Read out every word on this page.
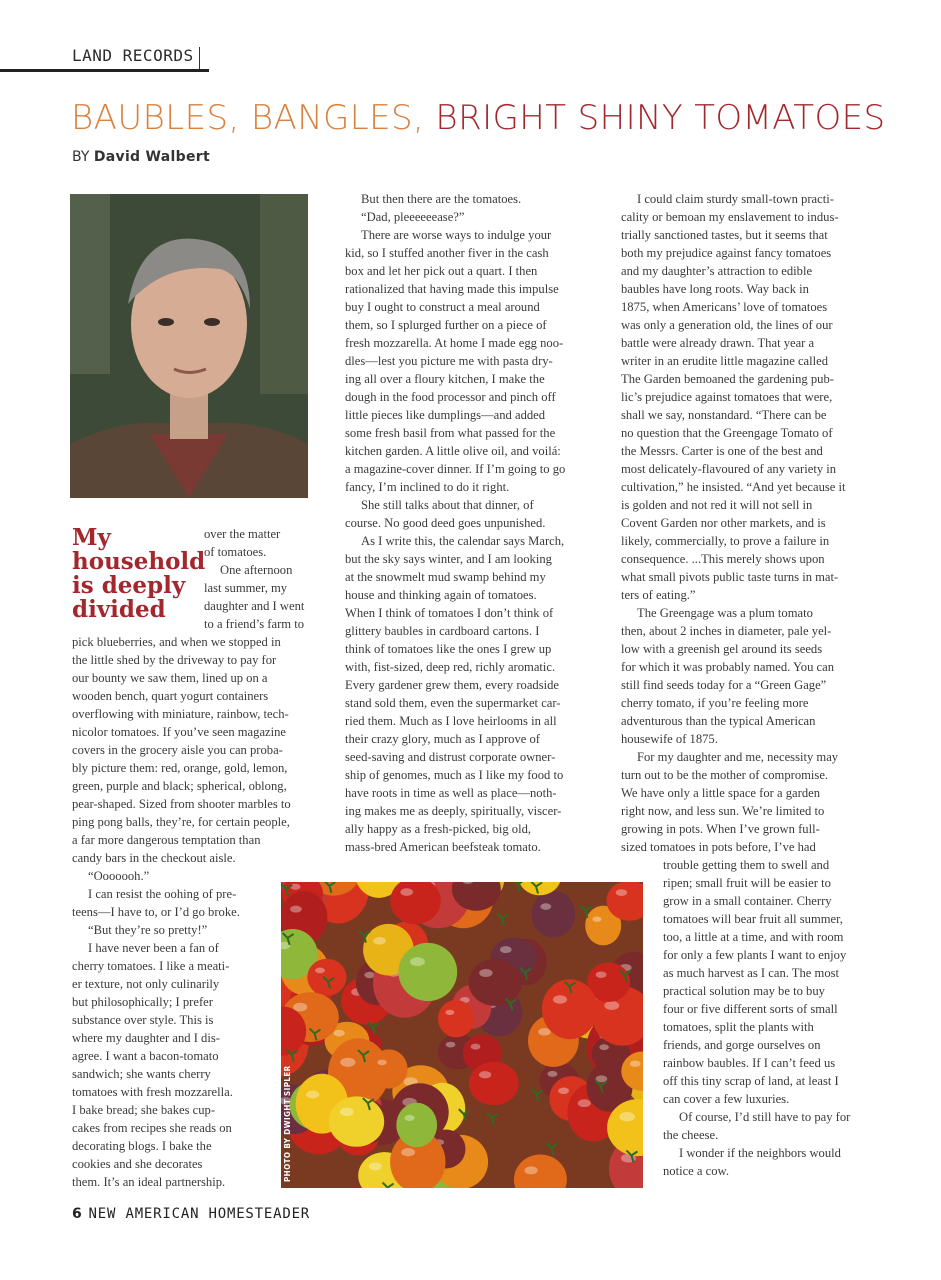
LAND RECORDS
BAUBLES, BANGLES, BRIGHT SHINY TOMATOES
BY David Walbert
My
household
is deeply
divided
over the matter
of tomatoes.
One afternoon
last summer, my
daughter and I went
to a friend’s farm to
pick blueberries, and when we stopped in
the little shed by the driveway to pay for
our bounty we saw them, lined up on a
wooden bench, quart yogurt containers
overflowing with miniature, rainbow, tech-
nicolor tomatoes. If you’ve seen magazine
covers in the grocery aisle you can proba-
bly picture them: red, orange, gold, lemon,
green, purple and black; spherical, oblong,
pear-shaped. Sized from shooter marbles to
ping pong balls, they’re, for certain people,
a far more dangerous temptation than
candy bars in the checkout aisle.
“Ooooooh.”
I can resist the oohing of pre-
teens—I have to, or I’d go broke.
“But they’re so pretty!”
I have never been a fan of
cherry tomatoes. I like a meati-
er texture, not only culinarily
but philosophically; I prefer
substance over style. This is
where my daughter and I dis-
agree. I want a bacon-tomato
sandwich; she wants cherry
tomatoes with fresh mozzarella.
I bake bread; she bakes cup-
cakes from recipes she reads on
decorating blogs. I bake the
cookies and she decorates
them. It’s an ideal partnership.
But then there are the tomatoes.
“Dad, pleeeeeease?”
There are worse ways to indulge your
kid, so I stuffed another fiver in the cash
box and let her pick out a quart. I then
rationalized that having made this impulse
buy I ought to construct a meal around
them, so I splurged further on a piece of
fresh mozzarella. At home I made egg noo-
dles—lest you picture me with pasta dry-
ing all over a floury kitchen, I make the
dough in the food processor and pinch off
little pieces like dumplings—and added
some fresh basil from what passed for the
kitchen garden. A little olive oil, and voilá:
a magazine-cover dinner. If I’m going to go
fancy, I’m inclined to do it right.
She still talks about that dinner, of
course. No good deed goes unpunished.
As I write this, the calendar says March,
but the sky says winter, and I am looking
at the snowmelt mud swamp behind my
house and thinking again of tomatoes.
When I think of tomatoes I don’t think of
glittery baubles in cardboard cartons. I
think of tomatoes like the ones I grew up
with, fist-sized, deep red, richly aromatic.
Every gardener grew them, every roadside
stand sold them, even the supermarket car-
ried them. Much as I love heirlooms in all
their crazy glory, much as I approve of
seed-saving and distrust corporate owner-
ship of genomes, much as I like my food to
have roots in time as well as place—noth-
ing makes me as deeply, spiritually, viscer-
ally happy as a fresh-picked, big old,
mass-bred American beefsteak tomato.
I could claim sturdy small-town practi-
cality or bemoan my enslavement to indus-
trially sanctioned tastes, but it seems that
both my prejudice against fancy tomatoes
and my daughter’s attraction to edible
baubles have long roots. Way back in
1875, when Americans’ love of tomatoes
was only a generation old, the lines of our
battle were already drawn. That year a
writer in an erudite little magazine called
The Garden bemoaned the gardening pub-
lic’s prejudice against tomatoes that were,
shall we say, nonstandard. “There can be
no question that the Greengage Tomato of
the Messrs. Carter is one of the best and
most delicately-flavoured of any variety in
cultivation,” he insisted. “And yet because it
is golden and not red it will not sell in
Covent Garden nor other markets, and is
likely, commercially, to prove a failure in
consequence. ...This merely shows upon
what small pivots public taste turns in mat-
ters of eating.”
The Greengage was a plum tomato
then, about 2 inches in diameter, pale yel-
low with a greenish gel around its seeds
for which it was probably named. You can
still find seeds today for a “Green Gage”
cherry tomato, if you’re feeling more
adventurous than the typical American
housewife of 1875.
For my daughter and me, necessity may
turn out to be the mother of compromise.
We have only a little space for a garden
right now, and less sun. We’re limited to
growing in pots. When I’ve grown full-
sized tomatoes in pots before, I’ve had
trouble getting them to swell and
ripen; small fruit will be easier to
grow in a small container. Cherry
tomatoes will bear fruit all summer,
too, a little at a time, and with room
for only a few plants I want to enjoy
as much harvest as I can. The most
practical solution may be to buy
four or five different sorts of small
tomatoes, split the plants with
friends, and gorge ourselves on
rainbow baubles. If I can’t feed us
off this tiny scrap of land, at least I
can cover a few luxuries.
Of course, I’d still have to pay for
the cheese.
I wonder if the neighbors would
notice a cow.
PHOTO BY DWIGHT SIPLER
6 NEW AMERICAN HOMESTEADER
